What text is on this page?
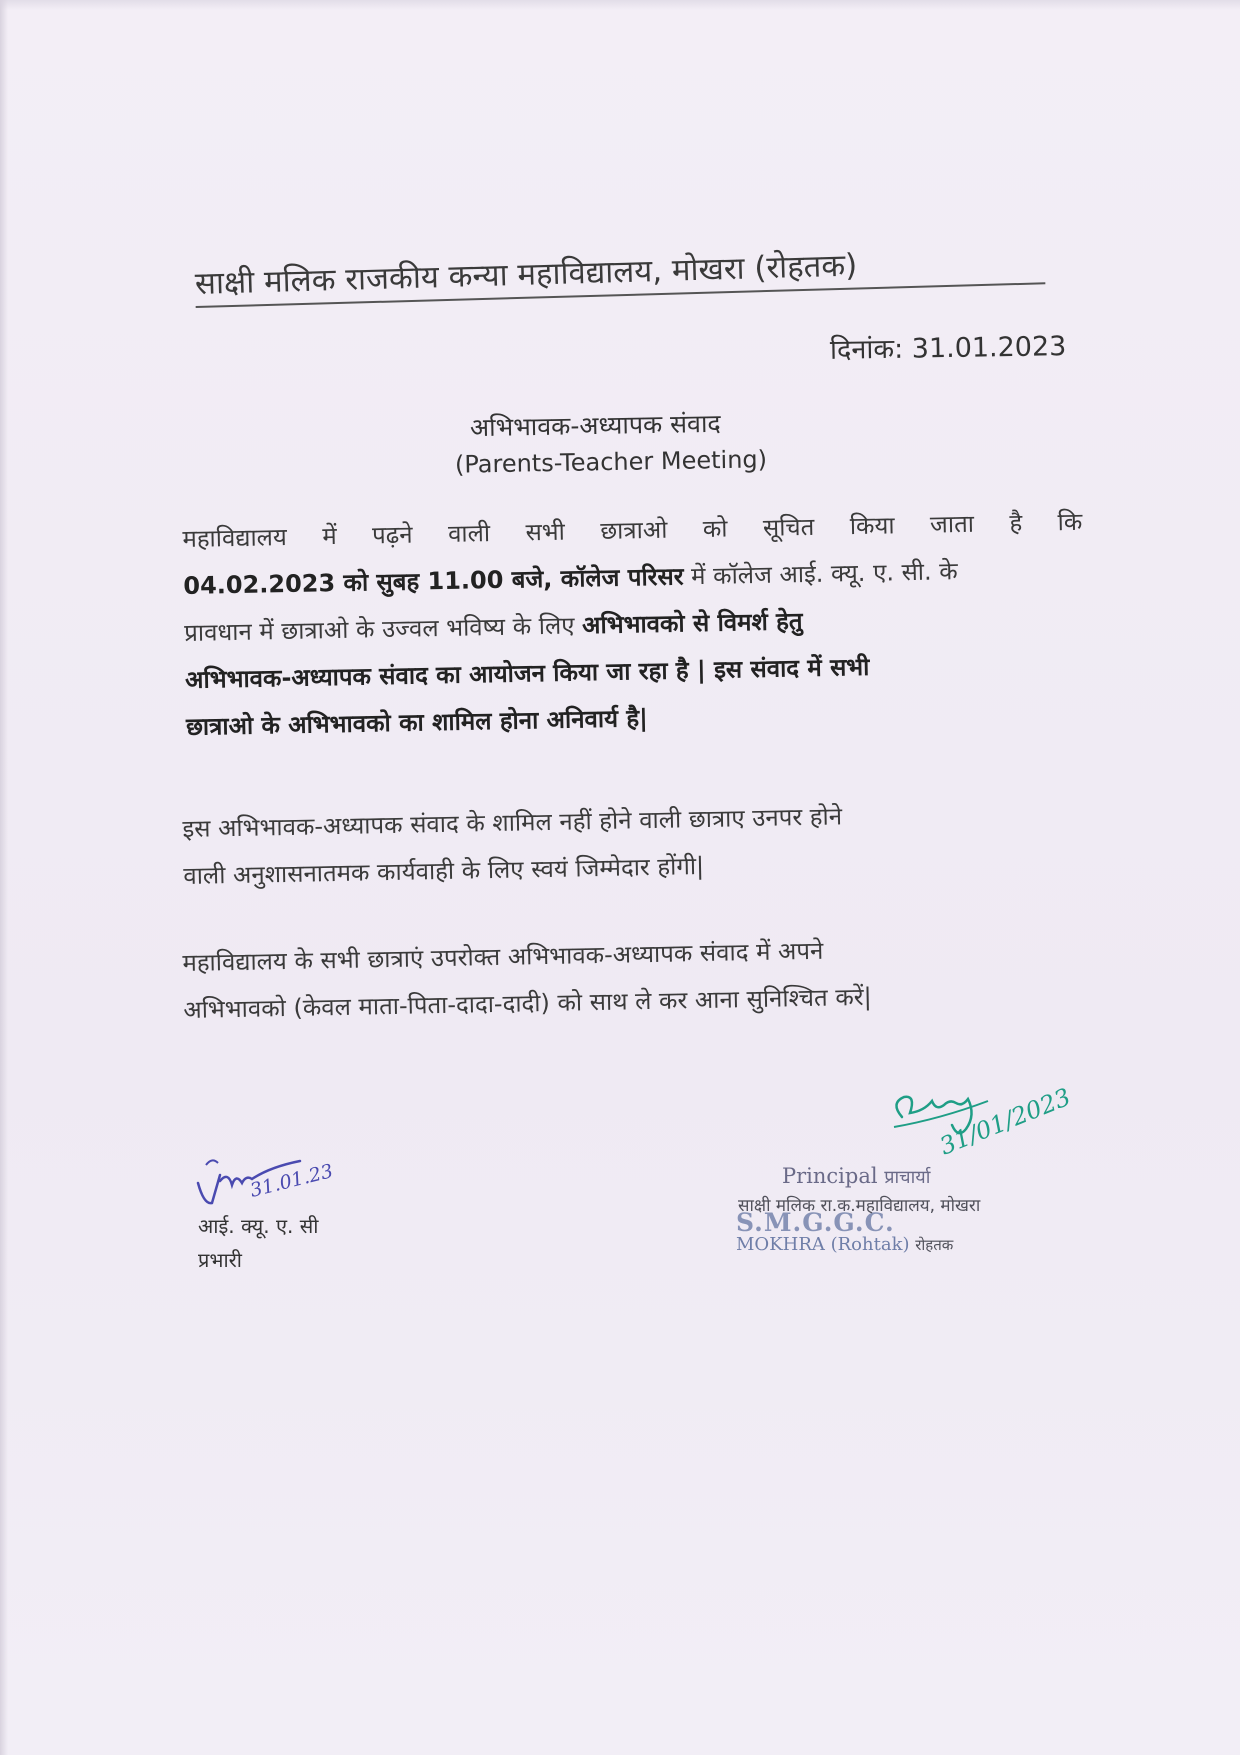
साक्षी मलिक राजकीय कन्या महाविद्यालय, मोखरा (रोहतक)
दिनांक: 31.01.2023
अभिभावक-अध्यापक संवाद
(Parents-Teacher Meeting)
महाविद्यालय में पढ़ने वाली सभी छात्राओ को सूचित किया जाता है कि
04.02.2023 को सुबह 11.00 बजे, कॉलेज परिसर में कॉलेज आई. क्यू. ए. सी. के
प्रावधान में छात्राओ के उज्वल भविष्य के लिए अभिभावको से विमर्श हेतु
अभिभावक-अध्यापक संवाद का आयोजन किया जा रहा है | इस संवाद में सभी
छात्राओ के अभिभावको का शामिल होना अनिवार्य है|
इस अभिभावक-अध्यापक संवाद के शामिल नहीं होने वाली छात्राए उनपर होने
वाली अनुशासनातमक कार्यवाही के लिए स्वयं जिम्मेदार होंगी|
महाविद्यालय के सभी छात्राएं उपरोक्त अभिभावक-अध्यापक संवाद में अपने
अभिभावको (केवल माता-पिता-दादा-दादी) को साथ ले कर आना सुनिश्चित करें|
31.01.23
आई. क्यू. ए. सी
प्रभारी
31/01/2023
Principal प्राचार्या
S.M.G.G.C.
साक्षी मलिक रा.क.महाविद्यालय, मोखरा
MOKHRA (Rohtak) रोहतक
